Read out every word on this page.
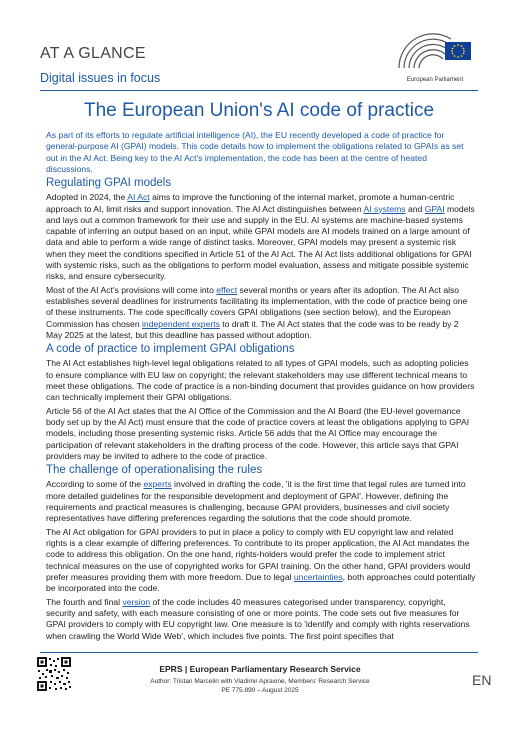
AT A GLANCE
Digital issues in focus	European Parliament
The European Union's AI code of practice

As part of its efforts to regulate artificial intelligence (AI), the EU recently developed a code of practice for general-purpose AI (GPAI) models. This code details how to implement the obligations related to GPAIs as set out in the AI Act. Being key to the AI Act's implementation, the code has been at the centre of heated discussions.

Regulating GPAI models

Adopted in 2024, the AI Act aims to improve the functioning of the internal market, promote a human-centric approach to AI, limit risks and support innovation. The AI Act distinguishes between AI systems and GPAI models and lays out a common framework for their use and supply in the EU. AI systems are machine-based systems capable of inferring an output based on an input, while GPAI models are AI models trained on a large amount of data and able to perform a wide range of distinct tasks. Moreover, GPAI models may present a systemic risk when they meet the conditions specified in Article 51 of the AI Act. The AI Act lists additional obligations for GPAI with systemic risks, such as the obligations to perform model evaluation, assess and mitigate possible systemic risks, and ensure cybersecurity.

Most of the AI Act's provisions will come into effect several months or years after its adoption. The AI Act also establishes several deadlines for instruments facilitating its implementation, with the code of practice being one of these instruments. The code specifically covers GPAI obligations (see section below), and the European Commission has chosen independent experts to draft it. The AI Act states that the code was to be ready by 2 May 2025 at the latest, but this deadline has passed without adoption.

A code of practice to implement GPAI obligations

The AI Act establishes high-level legal obligations related to all types of GPAI models, such as adopting policies to ensure compliance with EU law on copyright; the relevant stakeholders may use different technical means to meet these obligations. The code of practice is a non-binding document that provides guidance on how providers can technically implement their GPAI obligations.

Article 56 of the AI Act states that the AI Office of the Commission and the AI Board (the EU-level governance body set up by the AI Act) must ensure that the code of practice covers at least the obligations applying to GPAI models, including those presenting systemic risks. Article 56 adds that the AI Office may encourage the participation of relevant stakeholders in the drafting process of the code. However, this article says that GPAI providers may be invited to adhere to the code of practice.

The challenge of operationalising the rules

According to some of the experts involved in drafting the code, 'it is the first time that legal rules are turned into more detailed guidelines for the responsible development and deployment of GPAI'. However, defining the requirements and practical measures is challenging, because GPAI providers, businesses and civil society representatives have differing preferences regarding the solutions that the code should promote.

The AI Act obligation for GPAI providers to put in place a policy to comply with EU copyright law and related rights is a clear example of differing preferences. To contribute to its proper application, the AI Act mandates the code to address this obligation. On the one hand, rights-holders would prefer the code to implement strict technical measures on the use of copyrighted works for GPAI training. On the other hand, GPAI providers would prefer measures providing them with more freedom. Due to legal uncertainties, both approaches could potentially be incorporated into the code.

The fourth and final version of the code includes 40 measures categorised under transparency, copyright, security and safety, with each measure consisting of one or more points. The code sets out five measures for GPAI providers to comply with EU copyright law. One measure is to 'identify and comply with rights reservations when crawling the World Wide Web', which includes five points. The first point specifies that

EPRS | European Parliamentary Research Service
Author: Tristan Marcelin with Vladimir Apraxine, Members' Research Service
PE 775.890 – August 2025
EN
